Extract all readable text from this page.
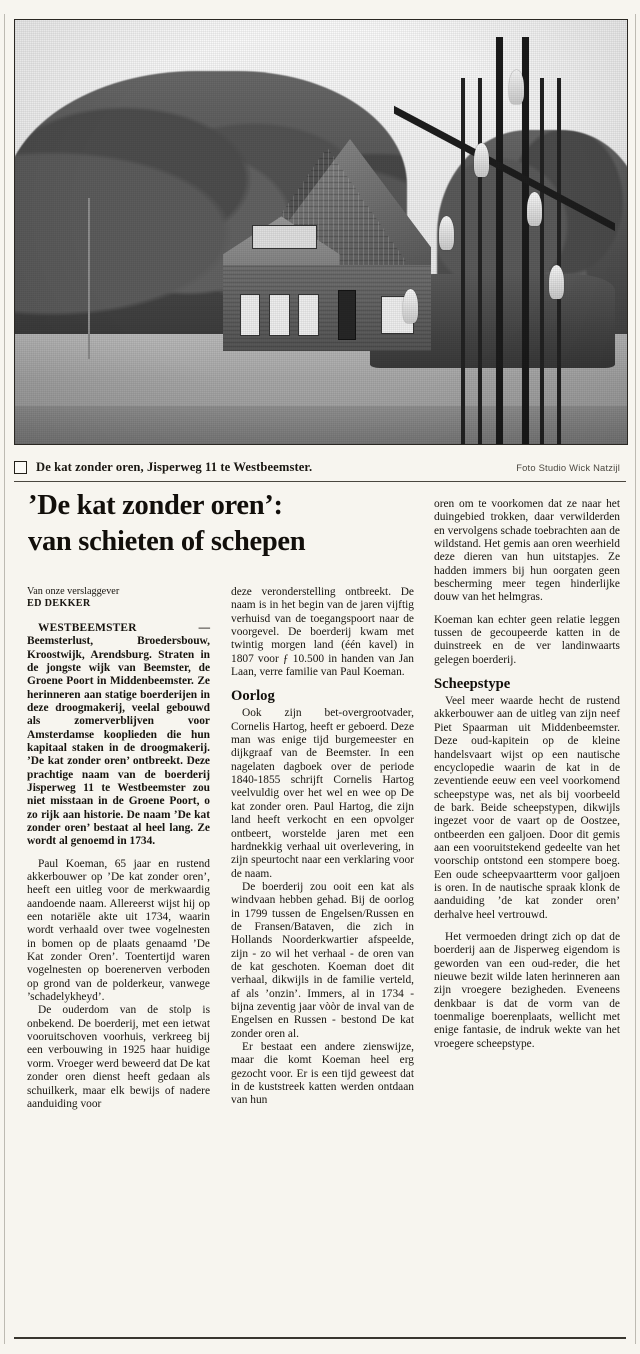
De kat zonder oren, Jisperweg 11 te Westbeemster.	Foto Studio Wick Natzijl
’De kat zonder oren’:
van schieten of schepen
Van onze verslaggever
ED DEKKER

WESTBEEMSTER	— Beemsterlust, Broedersbouw, Kroostwijk, Arendsburg. Straten in de jongste wijk van Beemster, de Groene Poort in Middenbeemster. Ze herinneren aan statige boerderijen in deze droogmakerij, veelal gebouwd als zomerverblijven voor Amsterdamse kooplieden die hun kapitaal staken in de droogmakerij. ’De kat zonder oren’ ontbreekt. Deze prachtige naam van de boerderij Jisperweg 11 te Westbeemster zou niet misstaan in de Groene Poort, o zo rijk aan historie. De naam ’De kat zonder oren’ bestaat al heel lang. Ze wordt al genoemd in 1734.

Paul Koeman, 65 jaar en rustend akkerbouwer op ’De kat zonder oren’, heeft een uitleg voor de merkwaardig aandoende naam. Allereerst wijst hij op een notariële akte uit 1734, waarin wordt verhaald over twee vogelnesten in bomen op de plaats genaamd ’De Kat zonder Oren’. Toentertijd waren vogelnesten op boerenerven verboden op grond van de polderkeur, vanwege ’schadelykheyd’.

De ouderdom van de stolp is onbekend. De boerderij, met een ietwat vooruitschoven voorhuis, verkreeg bij een verbouwing in 1925 haar huidige vorm. Vroeger werd beweerd dat De kat zonder oren dienst heeft gedaan als schuilkerk, maar elk bewijs of nadere aanduiding voor

deze veronderstelling ontbreekt. De naam is in het begin van de jaren vijftig verhuisd van de toegangspoort naar de voorgevel. De boerderij kwam met twintig morgen land (één kavel) in 1807 voor ƒ 10.500 in handen van Jan Laan, verre familie van Paul Koeman.

Oorlog

Ook zijn bet-overgrootvader, Cornelis Hartog, heeft er geboerd. Deze man was enige tijd burgemeester en dijkgraaf van de Beemster. In een nagelaten dagboek over de periode 1840-1855 schrijft Cornelis Hartog veelvuldig over het wel en wee op De kat zonder oren. Paul Hartog, die zijn land heeft verkocht en een opvolger ontbeert, worstelde jaren met een hardnekkig verhaal uit overlevering, in zijn speurtocht naar een verklaring voor de naam.

De boerderij zou ooit een kat als windvaan hebben gehad. Bij de oorlog in 1799 tussen de Engelsen/Russen en de Fransen/Bataven, die zich in Hollands Noorderkwartier afspeelde, zijn - zo wil het verhaal - de oren van de kat geschoten. Koeman doet dit verhaal, dikwijls in de familie verteld, af als ’onzin’. Immers, al in 1734 - bijna zeventig jaar vòòr de inval van de Engelsen en Russen - bestond De kat zonder oren al.

Er bestaat een andere zienswijze, maar die komt Koeman heel erg gezocht voor. Er is een tijd geweest dat in de kuststreek katten werden ontdaan van hun

oren om te voorkomen dat ze naar het duingebied trokken, daar verwilderden en vervolgens schade toebrachten aan de wildstand. Het gemis aan oren weerhield deze dieren van hun uitstapjes. Ze hadden immers bij hun oorgaten geen bescherming meer tegen hinderlijke douw van het helmgras.

Koeman kan echter geen relatie leggen tussen de gecoupeerde katten in de duinstreek en de ver landinwaarts gelegen boerderij.

Scheepstype

Veel meer waarde hecht de rustend akkerbouwer aan de uitleg van zijn neef Piet Spaarman uit Middenbeemster. Deze oud-kapitein op de kleine handelsvaart wijst op een nautische encyclopedie waarin de kat in de zeventiende eeuw een veel voorkomend scheepstype was, net als bij voorbeeld de bark. Beide scheepstypen, dikwijls ingezet voor de vaart op de Oostzee, ontbeerden een galjoen. Door dit gemis aan een vooruitstekend gedeelte van het voorschip ontstond een stompere boeg. Een oude scheepvaartterm voor galjoen is oren. In de nautische spraak klonk de aanduiding ’de kat zonder oren’ derhalve heel vertrouwd.

Het vermoeden dringt zich op dat de boerderij aan de Jisperweg eigendom is geworden van een oud-reder, die het nieuwe bezit wilde laten herinneren aan zijn vroegere bezigheden. Eveneens denkbaar is dat de vorm van de toenmalige boerenplaats, wellicht met enige fantasie, de indruk wekte van het vroegere scheepstype.
